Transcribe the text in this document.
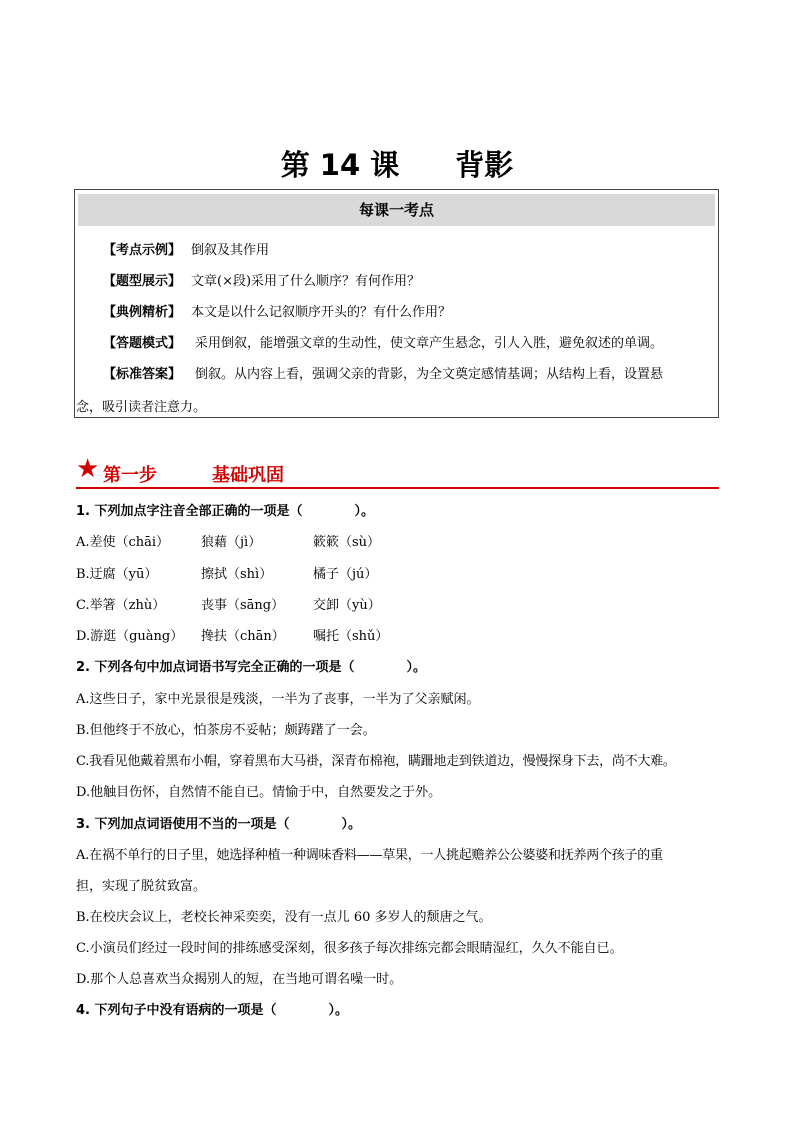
第 14 课 背影
每课一考点
【考点示例】 倒叙及其作用
【题型展示】 文章(×段)采用了什么顺序？有何作用？
【典例精析】 本文是以什么记叙顺序开头的？有什么作用？
【答题模式】 采用倒叙，能增强文章的生动性，使文章产生悬念，引人入胜，避免叙述的单调。
【标准答案】 倒叙。从内容上看，强调父亲的背影，为全文奠定感情基调；从结构上看，设置悬
念，吸引读者注意力。
★ 第一步	基础巩固
1. 下列加点字注音全部正确的一项是（　　　　）。
A.差使（chāi） 狼藉（jì）	簌簌（sù）
B.迂腐（yū）	擦拭（shì）	橘子（jú）
C.举箸（zhù）	丧事（sāng） 交卸（yù）
D.游逛（guàng） 搀扶（chān） 嘱托（shǔ）
2. 下列各句中加点词语书写完全正确的一项是（　　　　）。
A.这些日子，家中光景很是残淡，一半为了丧事，一半为了父亲赋闲。
B.但他终于不放心，怕茶房不妥帖；颇踌躇了一会。
C.我看见他戴着黑布小帽，穿着黑布大马褂，深青布棉袍，瞒跚地走到铁道边，慢慢探身下去，尚不大难。
D.他触目伤怀，自然情不能自已。情愉于中，自然要发之于外。
3. 下列加点词语使用不当的一项是（　　　　）。
A.在祸不单行的日子里，她选择种植一种调味香料——草果，一人挑起赡养公公婆婆和抚养两个孩子的重
担，实现了脱贫致富。
B.在校庆会议上，老校长神采奕奕，没有一点儿 60 多岁人的颓唐之气。
C.小演员们经过一段时间的排练感受深刻，很多孩子每次排练完都会眼睛湿红，久久不能自已。
D.那个人总喜欢当众揭别人的短，在当地可谓名噪一时。
4. 下列句子中没有语病的一项是（　　　　）。
